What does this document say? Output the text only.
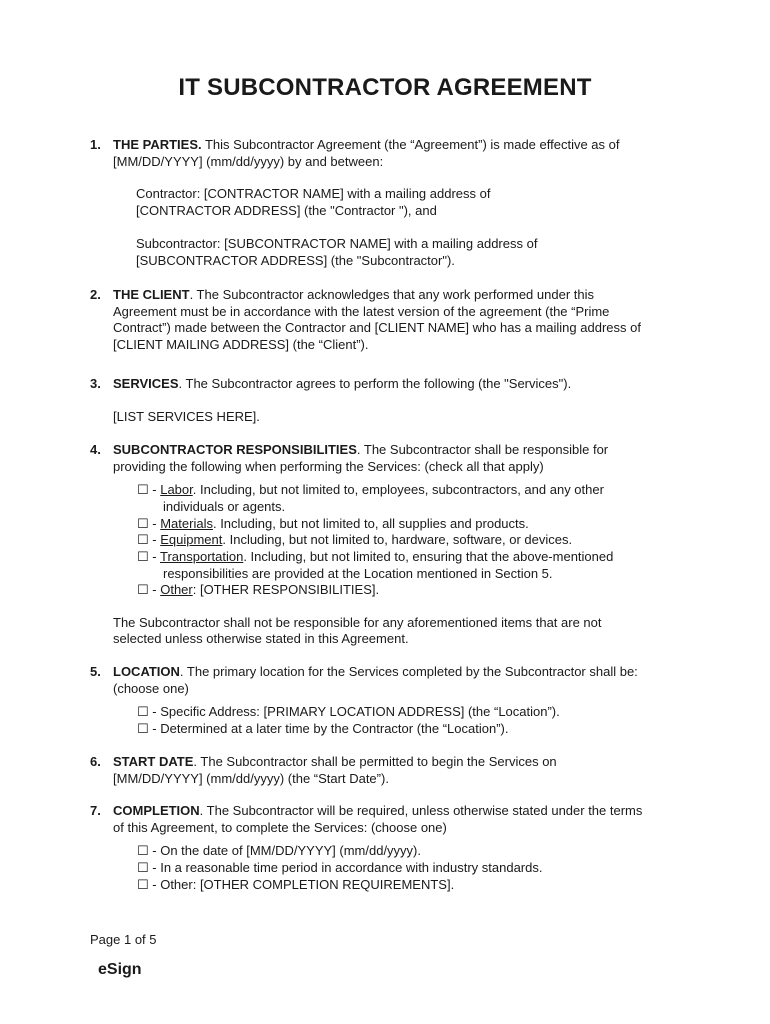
IT SUBCONTRACTOR AGREEMENT
1. THE PARTIES. This Subcontractor Agreement (the “Agreement”) is made effective as of
[MM/DD/YYYY] (mm/dd/yyyy) by and between:
Contractor: [CONTRACTOR NAME] with a mailing address of
[CONTRACTOR ADDRESS] (the "Contractor "), and
Subcontractor: [SUBCONTRACTOR NAME] with a mailing address of
[SUBCONTRACTOR ADDRESS] (the "Subcontractor").
2. THE CLIENT. The Subcontractor acknowledges that any work performed under this
Agreement must be in accordance with the latest version of the agreement (the “Prime
Contract”) made between the Contractor and [CLIENT NAME] who has a mailing address of
[CLIENT MAILING ADDRESS] (the “Client”).
3. SERVICES. The Subcontractor agrees to perform the following (the "Services").
[LIST SERVICES HERE].
4. SUBCONTRACTOR RESPONSIBILITIES. The Subcontractor shall be responsible for
providing the following when performing the Services: (check all that apply)
☐ - Labor. Including, but not limited to, employees, subcontractors, and any other
individuals or agents.
☐ - Materials. Including, but not limited to, all supplies and products.
☐ - Equipment. Including, but not limited to, hardware, software, or devices.
☐ - Transportation. Including, but not limited to, ensuring that the above-mentioned
responsibilities are provided at the Location mentioned in Section 5.
☐ - Other: [OTHER RESPONSIBILITIES].
The Subcontractor shall not be responsible for any aforementioned items that are not
selected unless otherwise stated in this Agreement.
5. LOCATION. The primary location for the Services completed by the Subcontractor shall be:
(choose one)
☐ - Specific Address: [PRIMARY LOCATION ADDRESS] (the “Location”).
☐ - Determined at a later time by the Contractor (the “Location”).
6. START DATE. The Subcontractor shall be permitted to begin the Services on
[MM/DD/YYYY] (mm/dd/yyyy) (the “Start Date”).
7. COMPLETION. The Subcontractor will be required, unless otherwise stated under the terms
of this Agreement, to complete the Services: (choose one)
☐ - On the date of [MM/DD/YYYY] (mm/dd/yyyy).
☐ - In a reasonable time period in accordance with industry standards.
☐ - Other: [OTHER COMPLETION REQUIREMENTS].
Page 1 of 5
eSign
